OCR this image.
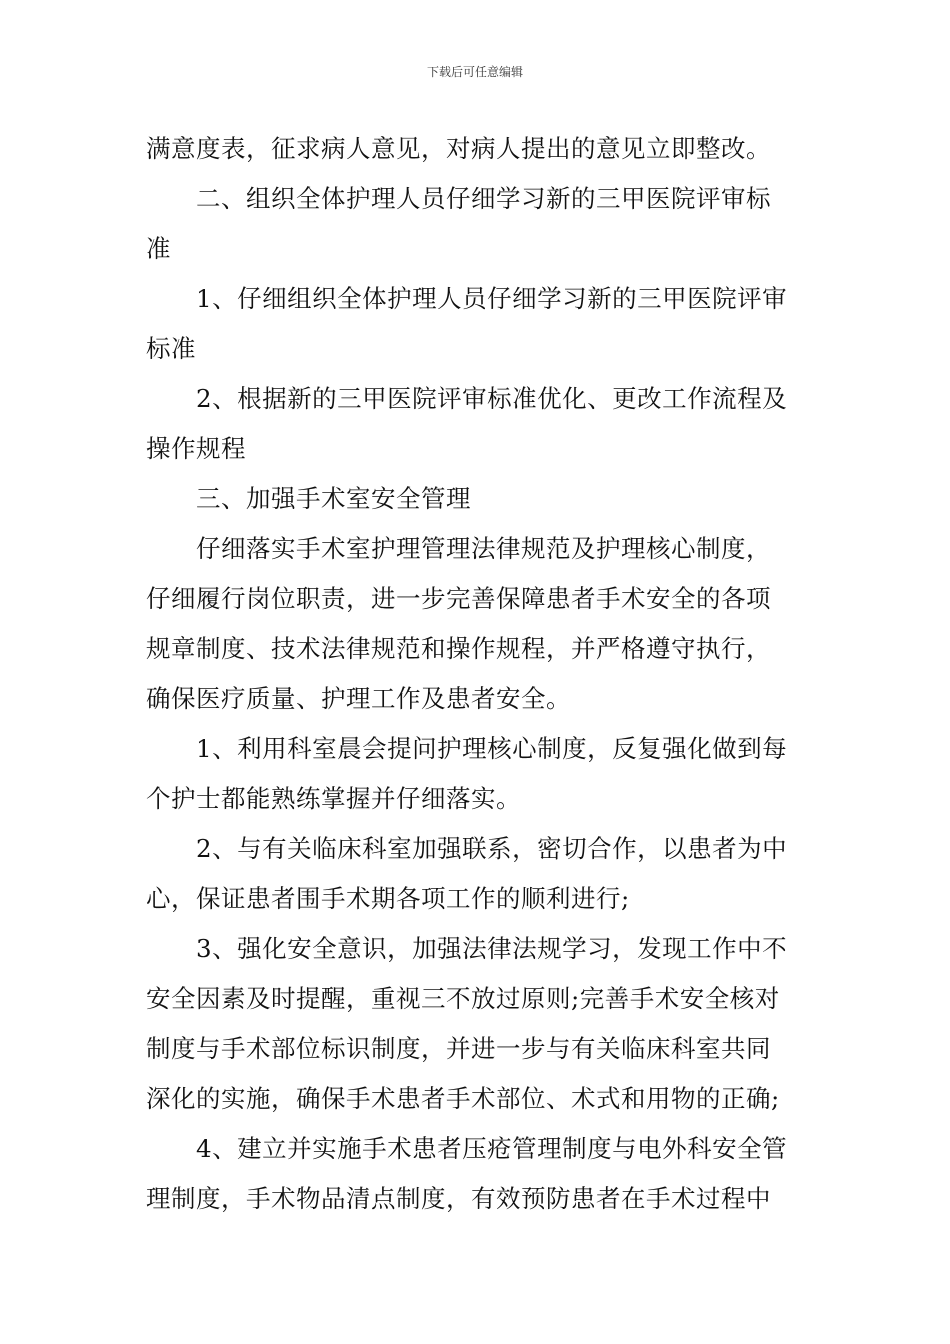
下载后可任意编辑

满意度表，征求病人意见，对病人提出的意见立即整改。

二、组织全体护理人员仔细学习新的三甲医院评审标
准

1、仔细组织全体护理人员仔细学习新的三甲医院评审
标准

2、根据新的三甲医院评审标准优化、更改工作流程及
操作规程

三、加强手术室安全管理

仔细落实手术室护理管理法律规范及护理核心制度，
仔细履行岗位职责，进一步完善保障患者手术安全的各项
规章制度、技术法律规范和操作规程，并严格遵守执行，
确保医疗质量、护理工作及患者安全。

1、利用科室晨会提问护理核心制度，反复强化做到每
个护士都能熟练掌握并仔细落实。

2、与有关临床科室加强联系，密切合作，以患者为中
心，保证患者围手术期各项工作的顺利进行;

3、强化安全意识，加强法律法规学习，发现工作中不
安全因素及时提醒，重视三不放过原则;完善手术安全核对
制度与手术部位标识制度，并进一步与有关临床科室共同
深化的实施，确保手术患者手术部位、术式和用物的正确;

4、建立并实施手术患者压疮管理制度与电外科安全管
理制度，手术物品清点制度，有效预防患者在手术过程中
